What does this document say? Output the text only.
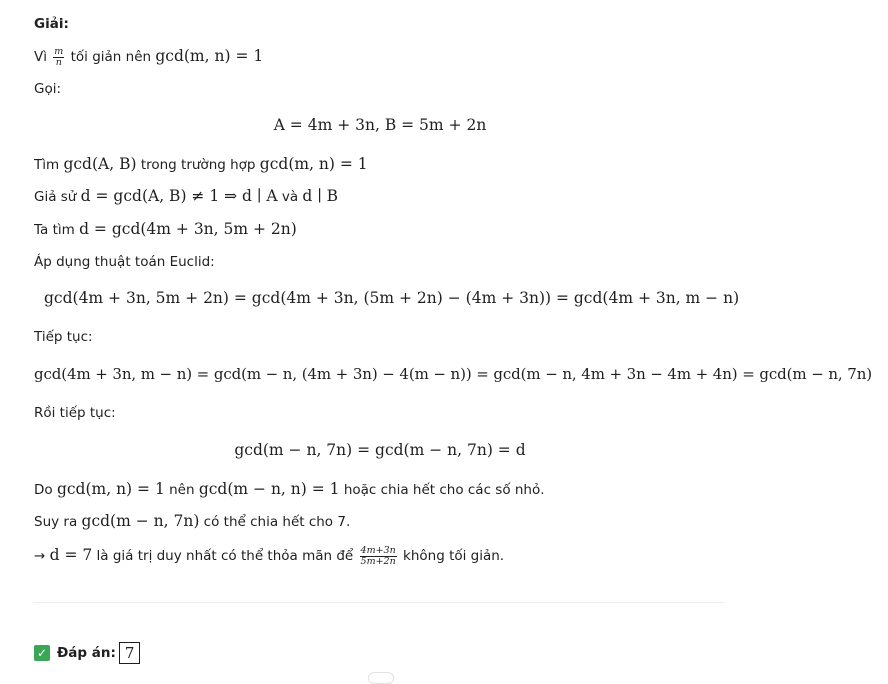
Giải:
Vì $\frac{m}{n}$ tối giản nên gcd(m, n) = 1
Gọi:
A = 4m + 3n, B = 5m + 2n
Tìm gcd(A, B) trong trường hợp gcd(m, n) = 1
Giả sử d = gcd(A, B) ≠ 1 ⇒ d ∣ A và d ∣ B
Ta tìm d = gcd(4m + 3n, 5m + 2n)
Áp dụng thuật toán Euclid:
gcd(4m + 3n, 5m + 2n) = gcd(4m + 3n, (5m + 2n) − (4m + 3n)) = gcd(4m + 3n, m − n)
Tiếp tục:
gcd(4m + 3n, m − n) = gcd(m − n, (4m + 3n) − 4(m − n)) = gcd(m − n, 4m + 3n − 4m + 4n) = gcd(m − n, 7n)
Rồi tiếp tục:
gcd(m − n, 7n) = gcd(m − n, 7n) = d
Do gcd(m, n) = 1 nên gcd(m − n, n) = 1 hoặc chia hết cho các số nhỏ.
Suy ra gcd(m − n, 7n) có thể chia hết cho 7.
→ d = 7 là giá trị duy nhất có thể thỏa mãn để $\frac{4m+3n}{5m+2n}$ không tối giản.
✓ Đáp án: 7
